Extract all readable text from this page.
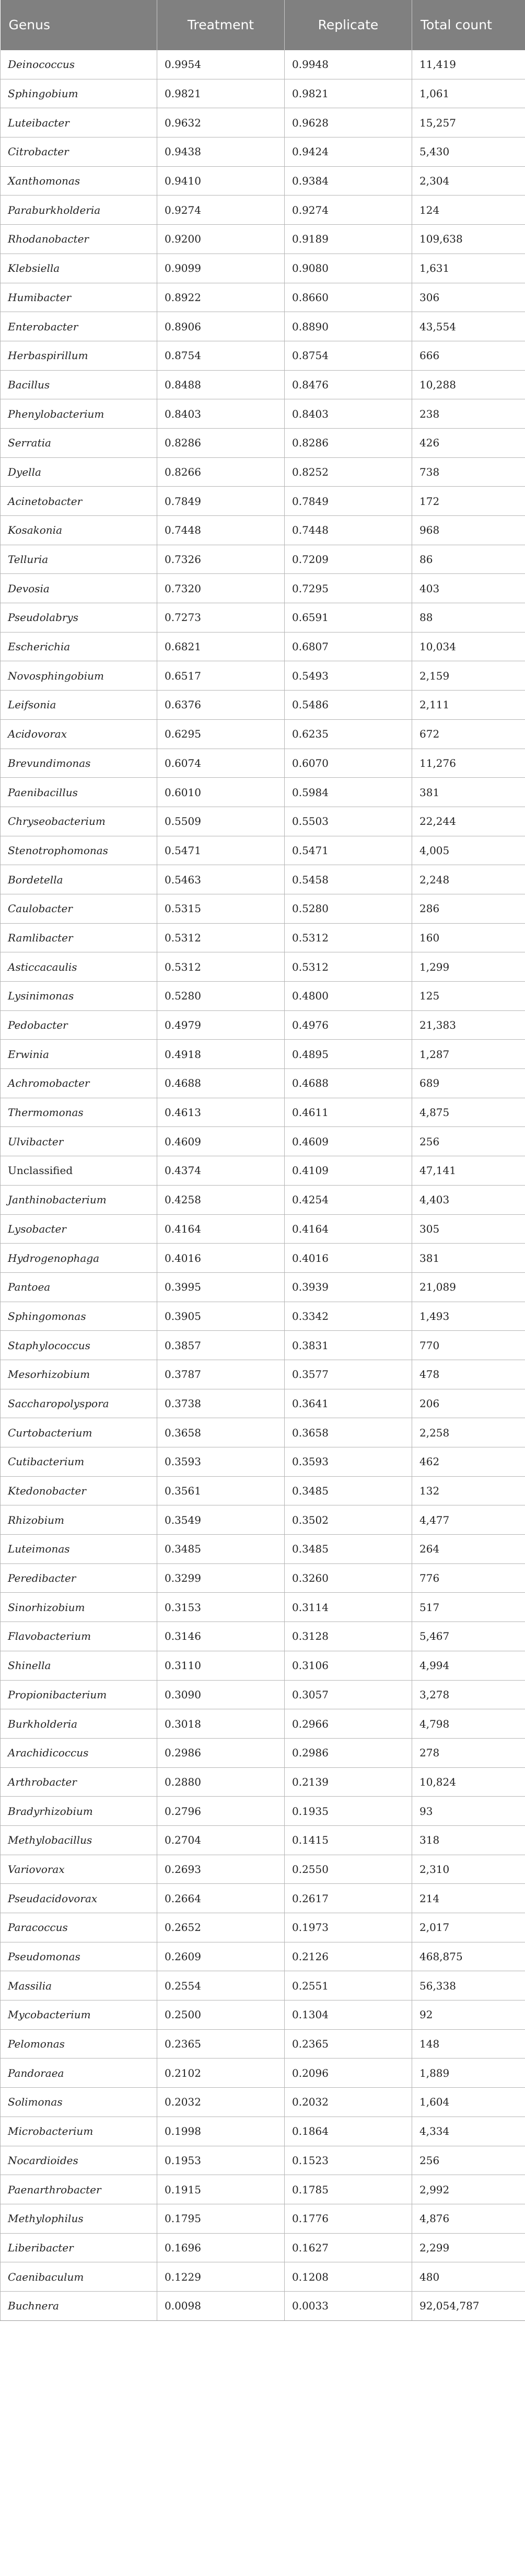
Genus	Treatment	Replicate	Total count
Deinococcus	0.9954	0.9948	11,419
Sphingobium	0.9821	0.9821	1,061
Luteibacter	0.9632	0.9628	15,257
Citrobacter	0.9438	0.9424	5,430
Xanthomonas	0.9410	0.9384	2,304
Paraburkholderia	0.9274	0.9274	124
Rhodanobacter	0.9200	0.9189	109,638
Klebsiella	0.9099	0.9080	1,631
Humibacter	0.8922	0.8660	306
Enterobacter	0.8906	0.8890	43,554
Herbaspirillum	0.8754	0.8754	666
Bacillus	0.8488	0.8476	10,288
Phenylobacterium	0.8403	0.8403	238
Serratia	0.8286	0.8286	426
Dyella	0.8266	0.8252	738
Acinetobacter	0.7849	0.7849	172
Kosakonia	0.7448	0.7448	968
Telluria	0.7326	0.7209	86
Devosia	0.7320	0.7295	403
Pseudolabrys	0.7273	0.6591	88
Escherichia	0.6821	0.6807	10,034
Novosphingobium	0.6517	0.5493	2,159
Leifsonia	0.6376	0.5486	2,111
Acidovorax	0.6295	0.6235	672
Brevundimonas	0.6074	0.6070	11,276
Paenibacillus	0.6010	0.5984	381
Chryseobacterium	0.5509	0.5503	22,244
Stenotrophomonas	0.5471	0.5471	4,005
Bordetella	0.5463	0.5458	2,248
Caulobacter	0.5315	0.5280	286
Ramlibacter	0.5312	0.5312	160
Asticcacaulis	0.5312	0.5312	1,299
Lysinimonas	0.5280	0.4800	125
Pedobacter	0.4979	0.4976	21,383
Erwinia	0.4918	0.4895	1,287
Achromobacter	0.4688	0.4688	689
Thermomonas	0.4613	0.4611	4,875
Ulvibacter	0.4609	0.4609	256
Unclassified	0.4374	0.4109	47,141
Janthinobacterium	0.4258	0.4254	4,403
Lysobacter	0.4164	0.4164	305
Hydrogenophaga	0.4016	0.4016	381
Pantoea	0.3995	0.3939	21,089
Sphingomonas	0.3905	0.3342	1,493
Staphylococcus	0.3857	0.3831	770
Mesorhizobium	0.3787	0.3577	478
Saccharopolyspora	0.3738	0.3641	206
Curtobacterium	0.3658	0.3658	2,258
Cutibacterium	0.3593	0.3593	462
Ktedonobacter	0.3561	0.3485	132
Rhizobium	0.3549	0.3502	4,477
Luteimonas	0.3485	0.3485	264
Peredibacter	0.3299	0.3260	776
Sinorhizobium	0.3153	0.3114	517
Flavobacterium	0.3146	0.3128	5,467
Shinella	0.3110	0.3106	4,994
Propionibacterium	0.3090	0.3057	3,278
Burkholderia	0.3018	0.2966	4,798
Arachidicoccus	0.2986	0.2986	278
Arthrobacter	0.2880	0.2139	10,824
Bradyrhizobium	0.2796	0.1935	93
Methylobacillus	0.2704	0.1415	318
Variovorax	0.2693	0.2550	2,310
Pseudacidovorax	0.2664	0.2617	214
Paracoccus	0.2652	0.1973	2,017
Pseudomonas	0.2609	0.2126	468,875
Massilia	0.2554	0.2551	56,338
Mycobacterium	0.2500	0.1304	92
Pelomonas	0.2365	0.2365	148
Pandoraea	0.2102	0.2096	1,889
Solimonas	0.2032	0.2032	1,604
Microbacterium	0.1998	0.1864	4,334
Nocardioides	0.1953	0.1523	256
Paenarthrobacter	0.1915	0.1785	2,992
Methylophilus	0.1795	0.1776	4,876
Liberibacter	0.1696	0.1627	2,299
Caenibaculum	0.1229	0.1208	480
Buchnera	0.0098	0.0033	92,054,787
